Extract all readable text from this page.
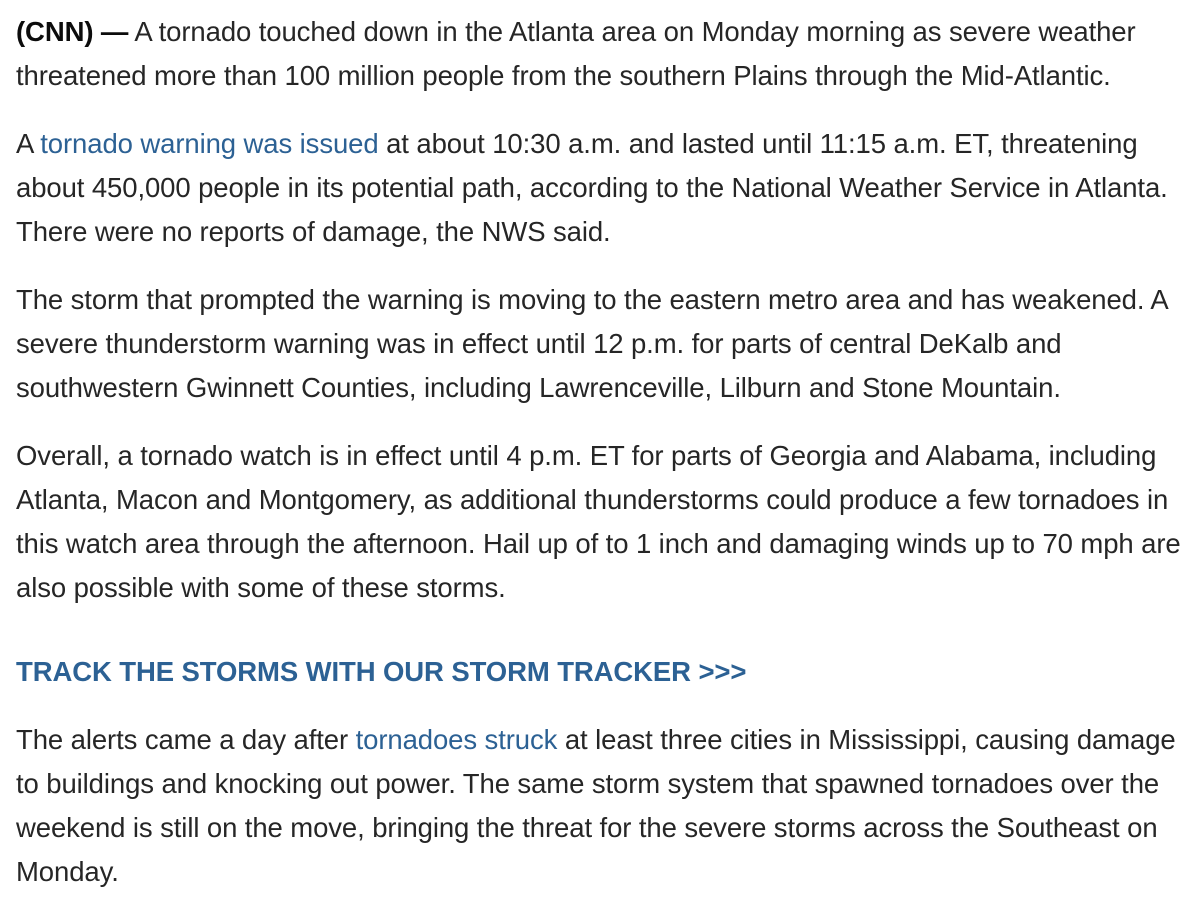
(CNN) — A tornado touched down in the Atlanta area on Monday morning as severe weather threatened more than 100 million people from the southern Plains through the Mid-Atlantic.

A tornado warning was issued at about 10:30 a.m. and lasted until 11:15 a.m. ET, threatening about 450,000 people in its potential path, according to the National Weather Service in Atlanta. There were no reports of damage, the NWS said.

The storm that prompted the warning is moving to the eastern metro area and has weakened. A severe thunderstorm warning was in effect until 12 p.m. for parts of central DeKalb and southwestern Gwinnett Counties, including Lawrenceville, Lilburn and Stone Mountain.

Overall, a tornado watch is in effect until 4 p.m. ET for parts of Georgia and Alabama, including Atlanta, Macon and Montgomery, as additional thunderstorms could produce a few tornadoes in this watch area through the afternoon. Hail up of to 1 inch and damaging winds up to 70 mph are also possible with some of these storms.

TRACK THE STORMS WITH OUR STORM TRACKER >>>

The alerts came a day after tornadoes struck at least three cities in Mississippi, causing damage to buildings and knocking out power. The same storm system that spawned tornadoes over the weekend is still on the move, bringing the threat for the severe storms across the Southeast on Monday.
